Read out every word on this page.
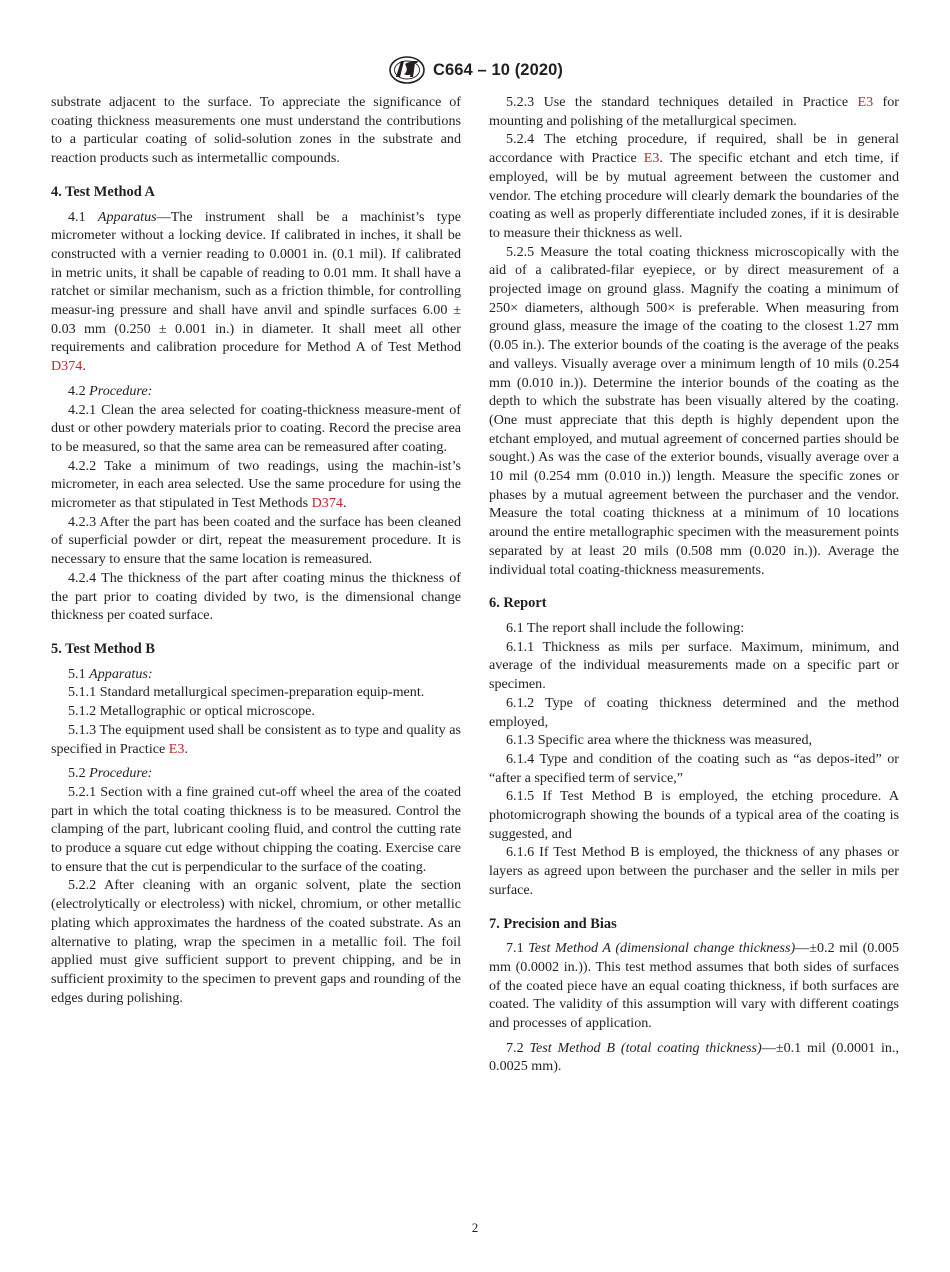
C664 – 10 (2020)

substrate adjacent to the surface. To appreciate the significance of coating thickness measurements one must understand the contributions to a particular coating of solid-solution zones in the substrate and reaction products such as intermetallic compounds.

4. Test Method A

4.1 Apparatus—The instrument shall be a machinist’s type micrometer without a locking device. If calibrated in inches, it shall be constructed with a vernier reading to 0.0001 in. (0.1 mil). If calibrated in metric units, it shall be capable of reading to 0.01 mm. It shall have a ratchet or similar mechanism, such as a friction thimble, for controlling measur-ing pressure and shall have anvil and spindle surfaces 6.00 ± 0.03 mm (0.250 ± 0.001 in.) in diameter. It shall meet all other requirements and calibration procedure for Method A of Test Method D374.

4.2 Procedure:

4.2.1 Clean the area selected for coating-thickness measure-ment of dust or other powdery materials prior to coating. Record the precise area to be measured, so that the same area can be remeasured after coating.

4.2.2 Take a minimum of two readings, using the machin-ist’s micrometer, in each area selected. Use the same procedure for using the micrometer as that stipulated in Test Methods D374.

4.2.3 After the part has been coated and the surface has been cleaned of superficial powder or dirt, repeat the measurement procedure. It is necessary to ensure that the same location is remeasured.

4.2.4 The thickness of the part after coating minus the thickness of the part prior to coating divided by two, is the dimensional change thickness per coated surface.

5. Test Method B

5.1 Apparatus:

5.1.1 Standard metallurgical specimen-preparation equip-ment.

5.1.2 Metallographic or optical microscope.

5.1.3 The equipment used shall be consistent as to type and quality as specified in Practice E3.

5.2 Procedure:

5.2.1 Section with a fine grained cut-off wheel the area of the coated part in which the total coating thickness is to be measured. Control the clamping of the part, lubricant cooling fluid, and control the cutting rate to produce a square cut edge without chipping the coating. Exercise care to ensure that the cut is perpendicular to the surface of the coating.

5.2.2 After cleaning with an organic solvent, plate the section (electrolytically or electroless) with nickel, chromium, or other metallic plating which approximates the hardness of the coated substrate. As an alternative to plating, wrap the specimen in a metallic foil. The foil applied must give sufficient support to prevent chipping, and be in sufficient proximity to the specimen to prevent gaps and rounding of the edges during polishing.

5.2.3 Use the standard techniques detailed in Practice E3 for mounting and polishing of the metallurgical specimen.

5.2.4 The etching procedure, if required, shall be in general accordance with Practice E3. The specific etchant and etch time, if employed, will be by mutual agreement between the customer and vendor. The etching procedure will clearly demark the boundaries of the coating as well as properly differentiate included zones, if it is desirable to measure their thickness as well.

5.2.5 Measure the total coating thickness microscopically with the aid of a calibrated-filar eyepiece, or by direct measurement of a projected image on ground glass. Magnify the coating a minimum of 250× diameters, although 500× is preferable. When measuring from ground glass, measure the image of the coating to the closest 1.27 mm (0.05 in.). The exterior bounds of the coating is the average of the peaks and valleys. Visually average over a minimum length of 10 mils (0.254 mm (0.010 in.)). Determine the interior bounds of the coating as the depth to which the substrate has been visually altered by the coating. (One must appreciate that this depth is highly dependent upon the etchant employed, and mutual agreement of concerned parties should be sought.) As was the case of the exterior bounds, visually average over a 10 mil (0.254 mm (0.010 in.)) length. Measure the specific zones or phases by a mutual agreement between the purchaser and the vendor. Measure the total coating thickness at a minimum of 10 locations around the entire metallographic specimen with the measurement points separated by at least 20 mils (0.508 mm (0.020 in.)). Average the individual total coating-thickness measurements.

6. Report

6.1 The report shall include the following:

6.1.1 Thickness as mils per surface. Maximum, minimum, and average of the individual measurements made on a specific part or specimen.

6.1.2 Type of coating thickness determined and the method employed,

6.1.3 Specific area where the thickness was measured,

6.1.4 Type and condition of the coating such as “as depos-ited” or “after a specified term of service,”

6.1.5 If Test Method B is employed, the etching procedure. A photomicrograph showing the bounds of a typical area of the coating is suggested, and

6.1.6 If Test Method B is employed, the thickness of any phases or layers as agreed upon between the purchaser and the seller in mils per surface.

7. Precision and Bias

7.1 Test Method A (dimensional change thickness)—±0.2 mil (0.005 mm (0.0002 in.)). This test method assumes that both sides of surfaces of the coated piece have an equal coating thickness, if both surfaces are coated. The validity of this assumption will vary with different coatings and processes of application.

7.2 Test Method B (total coating thickness)—±0.1 mil (0.0001 in., 0.0025 mm).

2
